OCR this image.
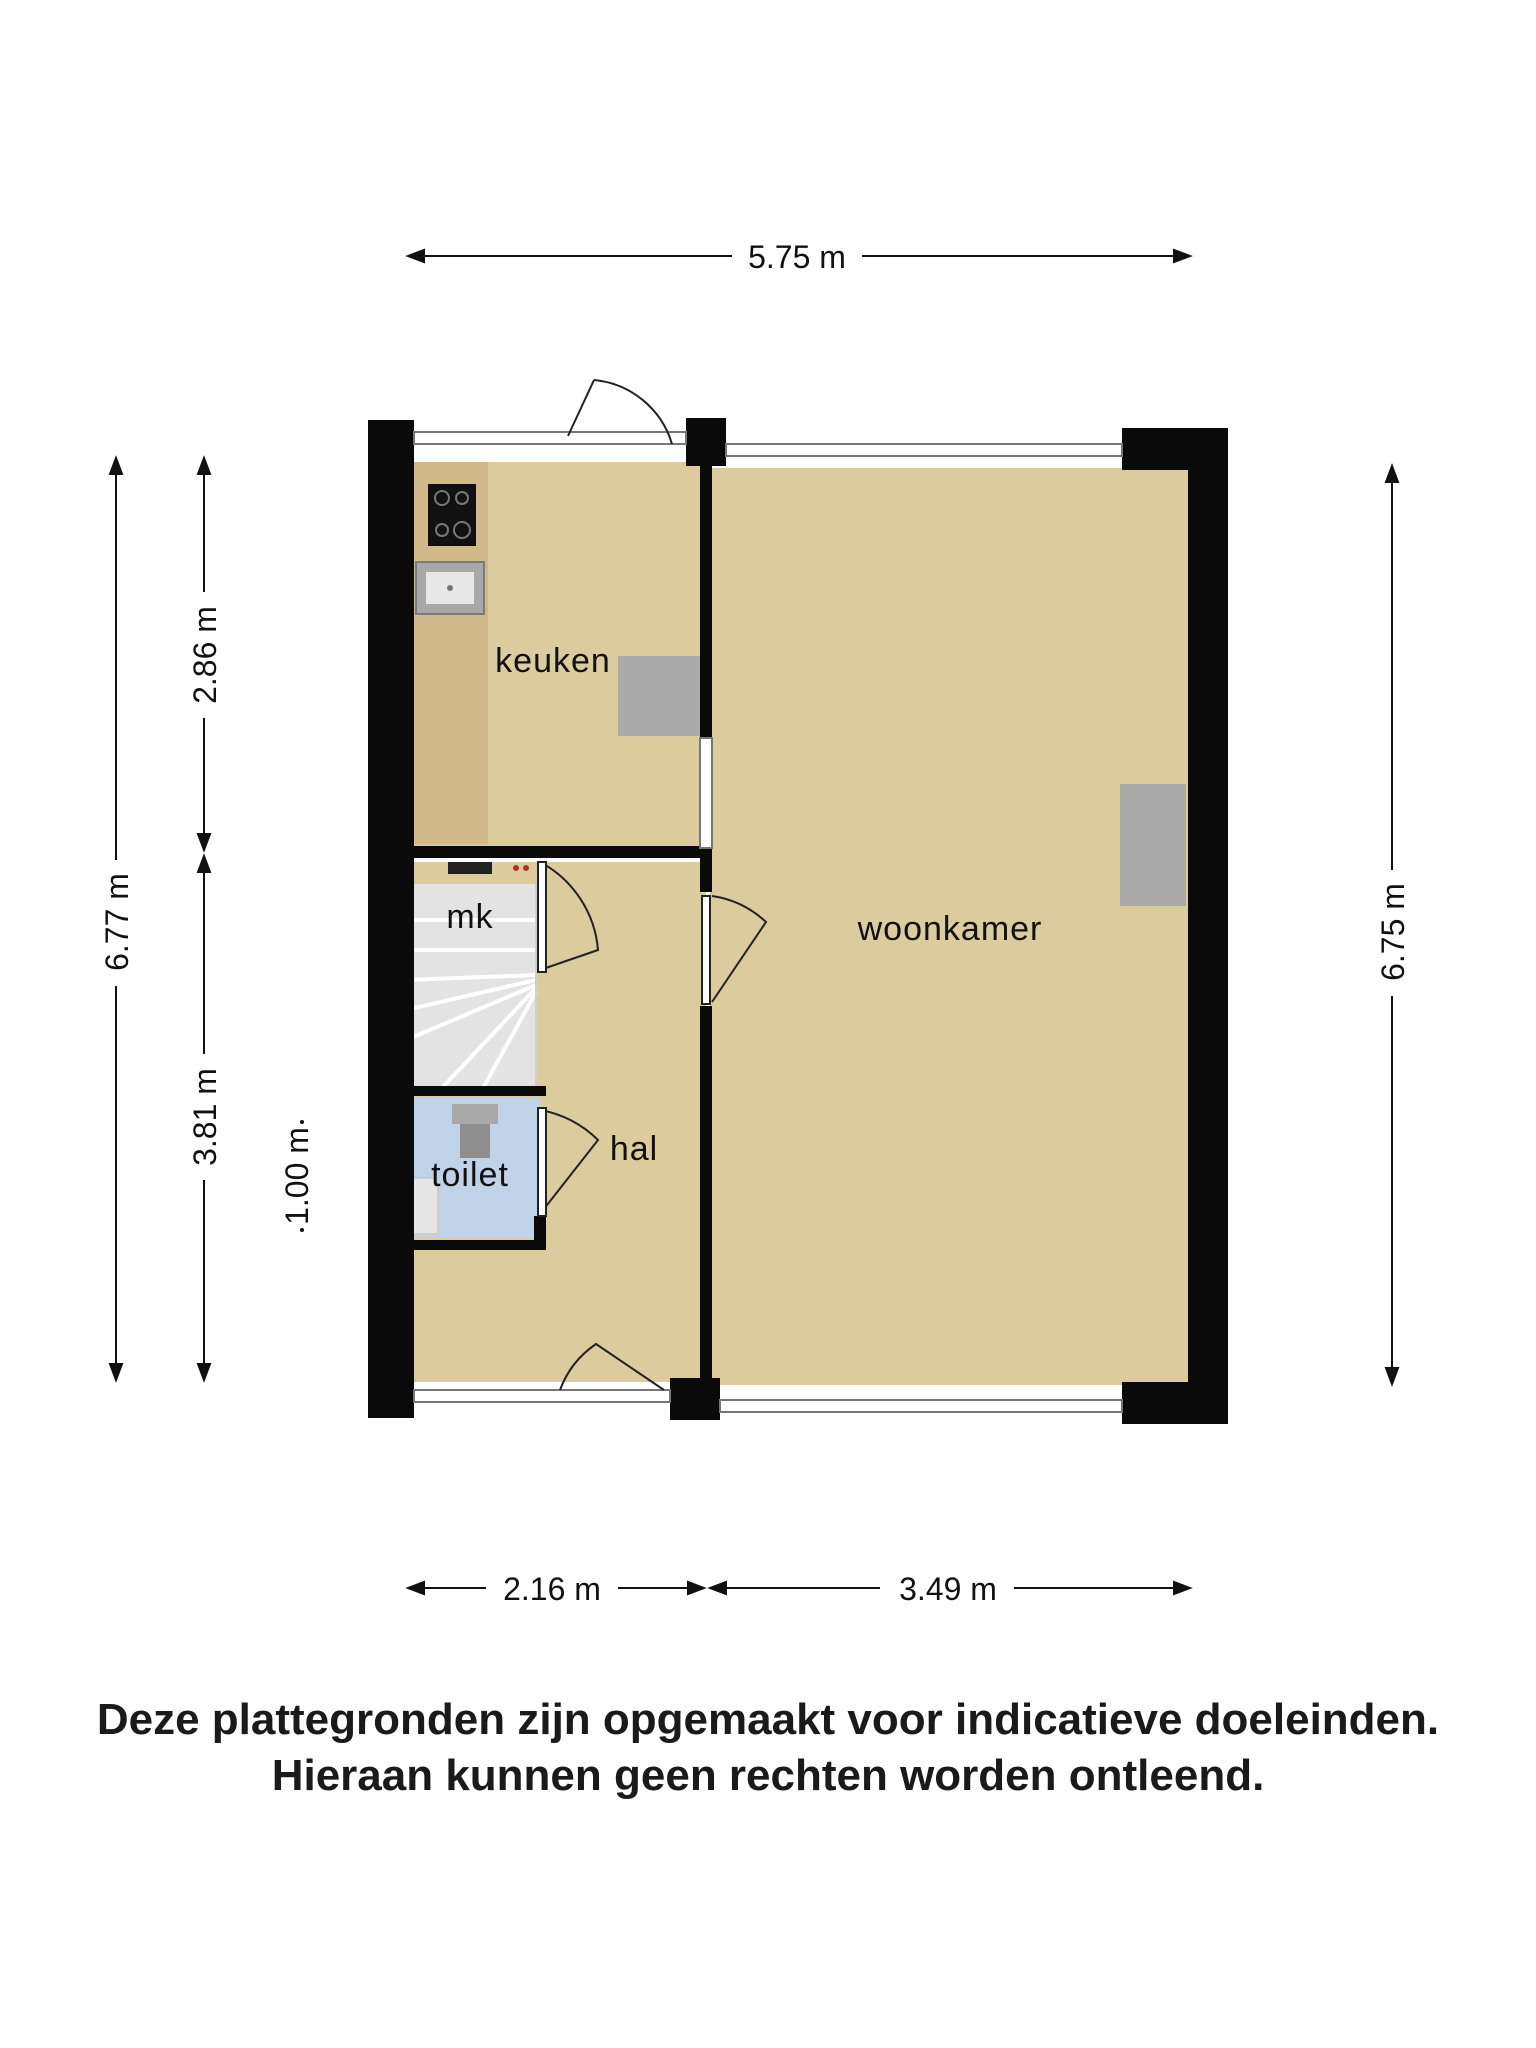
5.75 m
6.77 m
2.86 m
3.81 m
1.00 m
6.75 m
2.16 m	3.49 m
keuken
mk
toilet
hal
woonkamer
Deze plattegronden zijn opgemaakt voor indicatieve doeleinden.
Hieraan kunnen geen rechten worden ontleend.
